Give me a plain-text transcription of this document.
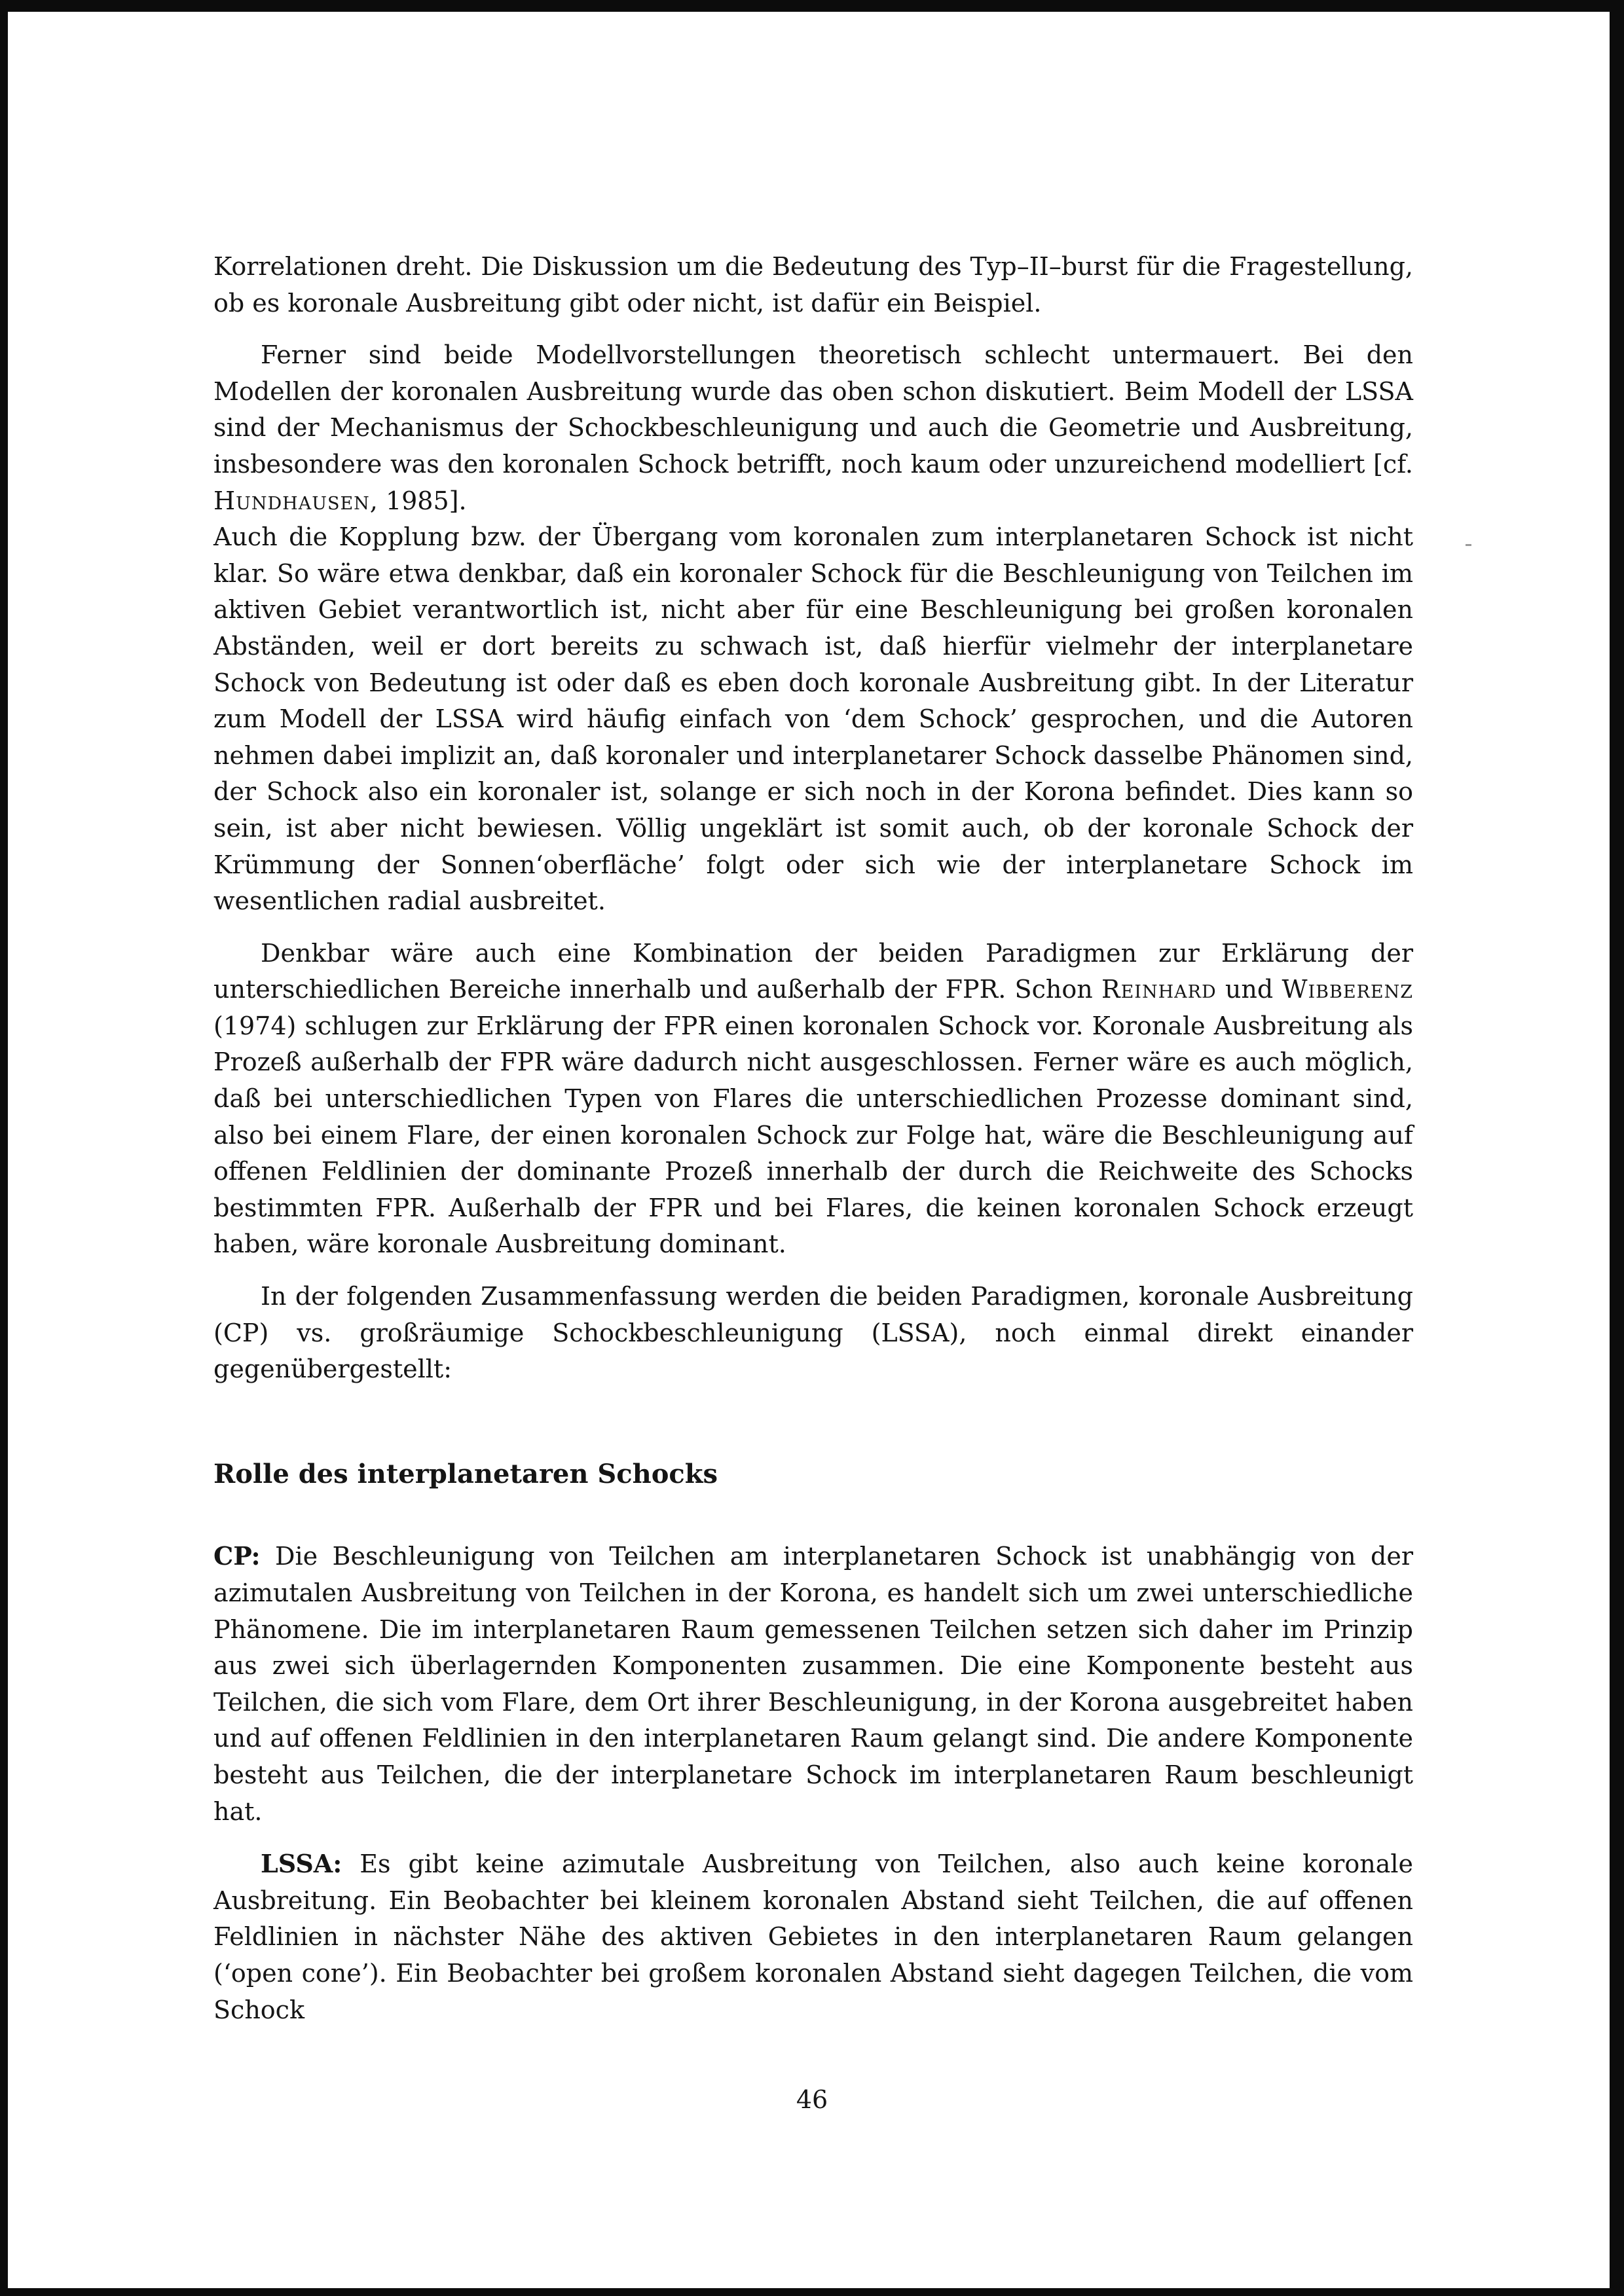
Korrelationen dreht. Die Diskussion um die Bedeutung des Typ–II–burst für die Fragestellung, ob es koronale Ausbreitung gibt oder nicht, ist dafür ein Beispiel.

Ferner sind beide Modellvorstellungen theoretisch schlecht untermauert. Bei den Modellen der koronalen Ausbreitung wurde das oben schon diskutiert. Beim Modell der LSSA sind der Mechanismus der Schockbeschleunigung und auch die Geometrie und Ausbreitung, insbesondere was den koronalen Schock betrifft, noch kaum oder unzureichend modelliert [cf. Hundhausen, 1985].

Auch die Kopplung bzw. der Übergang vom koronalen zum interplanetaren Schock ist nicht klar. So wäre etwa denkbar, daß ein koronaler Schock für die Beschleunigung von Teilchen im aktiven Gebiet verantwortlich ist, nicht aber für eine Beschleunigung bei großen koronalen Abständen, weil er dort bereits zu schwach ist, daß hierfür vielmehr der interplanetare Schock von Bedeutung ist oder daß es eben doch koronale Ausbreitung gibt. In der Literatur zum Modell der LSSA wird häufig einfach von ‘dem Schock’ gesprochen, und die Autoren nehmen dabei implizit an, daß koronaler und interplanetarer Schock dasselbe Phänomen sind, der Schock also ein koronaler ist, solange er sich noch in der Korona befindet. Dies kann so sein, ist aber nicht bewiesen. Völlig ungeklärt ist somit auch, ob der koronale Schock der Krümmung der Sonnen‘oberfläche’ folgt oder sich wie der interplanetare Schock im wesentlichen radial ausbreitet.

Denkbar wäre auch eine Kombination der beiden Paradigmen zur Erklärung der unterschiedlichen Bereiche innerhalb und außerhalb der FPR. Schon Reinhard und Wibberenz (1974) schlugen zur Erklärung der FPR einen koronalen Schock vor. Koronale Ausbreitung als Prozeß außerhalb der FPR wäre dadurch nicht ausgeschlossen. Ferner wäre es auch möglich, daß bei unterschiedlichen Typen von Flares die unterschiedlichen Prozesse dominant sind, also bei einem Flare, der einen koronalen Schock zur Folge hat, wäre die Beschleunigung auf offenen Feldlinien der dominante Prozeß innerhalb der durch die Reichweite des Schocks bestimmten FPR. Außerhalb der FPR und bei Flares, die keinen koronalen Schock erzeugt haben, wäre koronale Ausbreitung dominant.

In der folgenden Zusammenfassung werden die beiden Paradigmen, koronale Ausbreitung (CP) vs. großräumige Schockbeschleunigung (LSSA), noch einmal direkt einander gegenübergestellt:

Rolle des interplanetaren Schocks

CP: Die Beschleunigung von Teilchen am interplanetaren Schock ist unabhängig von der azimutalen Ausbreitung von Teilchen in der Korona, es handelt sich um zwei unterschiedliche Phänomene. Die im interplanetaren Raum gemessenen Teilchen setzen sich daher im Prinzip aus zwei sich überlagernden Komponenten zusammen. Die eine Komponente besteht aus Teilchen, die sich vom Flare, dem Ort ihrer Beschleunigung, in der Korona ausgebreitet haben und auf offenen Feldlinien in den interplanetaren Raum gelangt sind. Die andere Komponente besteht aus Teilchen, die der interplanetare Schock im interplanetaren Raum beschleunigt hat.

LSSA: Es gibt keine azimutale Ausbreitung von Teilchen, also auch keine koronale Ausbreitung. Ein Beobachter bei kleinem koronalen Abstand sieht Teilchen, die auf offenen Feldlinien in nächster Nähe des aktiven Gebietes in den interplanetaren Raum gelangen (‘open cone’). Ein Beobachter bei großem koronalen Abstand sieht dagegen Teilchen, die vom Schock

46
